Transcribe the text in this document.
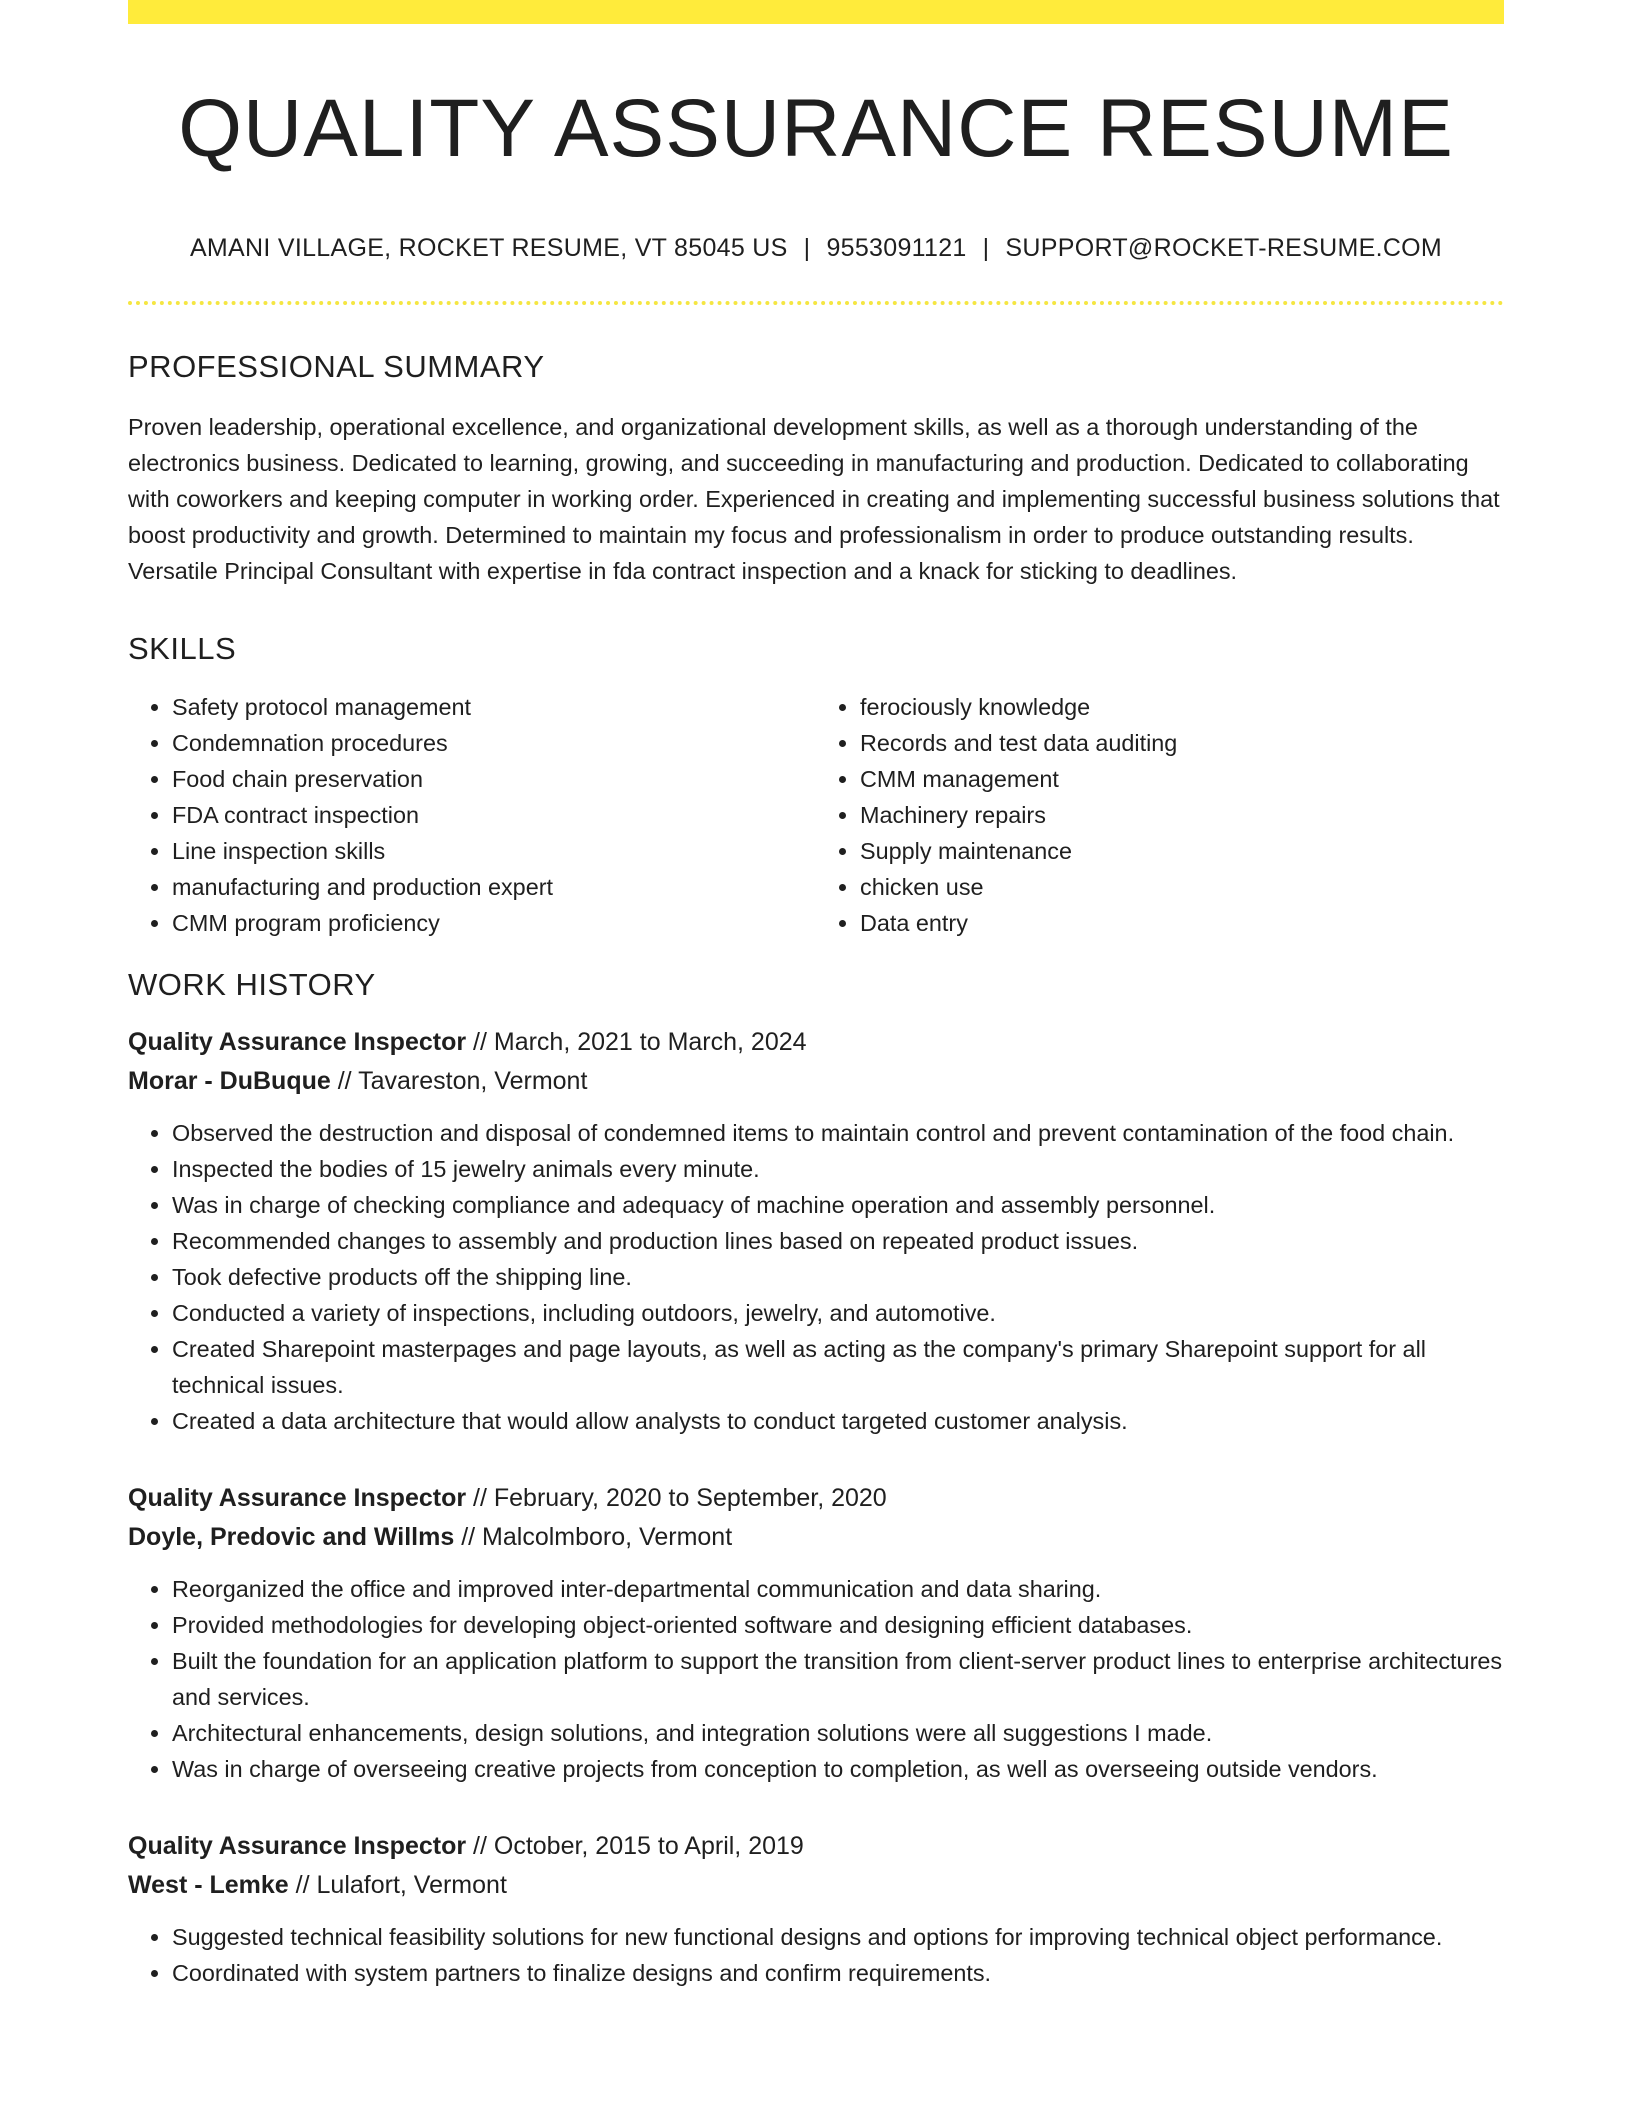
QUALITY ASSURANCE RESUME
AMANI VILLAGE, ROCKET RESUME, VT 85045 US | 9553091121 | SUPPORT@ROCKET-RESUME.COM
PROFESSIONAL SUMMARY

Proven leadership, operational excellence, and organizational development skills, as well as a thorough understanding of the electronics business. Dedicated to learning, growing, and succeeding in manufacturing and production. Dedicated to collaborating with coworkers and keeping computer in working order. Experienced in creating and implementing successful business solutions that boost productivity and growth. Determined to maintain my focus and professionalism in order to produce outstanding results. Versatile Principal Consultant with expertise in fda contract inspection and a knack for sticking to deadlines.

SKILLS
• Safety protocol management
• Condemnation procedures
• Food chain preservation
• FDA contract inspection
• Line inspection skills
• manufacturing and production expert
• CMM program proficiency
• ferociously knowledge
• Records and test data auditing
• CMM management
• Machinery repairs
• Supply maintenance
• chicken use
• Data entry
WORK HISTORY
Quality Assurance Inspector // March, 2021 to March, 2024
Morar - DuBuque // Tavareston, Vermont
• Observed the destruction and disposal of condemned items to maintain control and prevent contamination of the food chain.
• Inspected the bodies of 15 jewelry animals every minute.
• Was in charge of checking compliance and adequacy of machine operation and assembly personnel.
• Recommended changes to assembly and production lines based on repeated product issues.
• Took defective products off the shipping line.
• Conducted a variety of inspections, including outdoors, jewelry, and automotive.
• Created Sharepoint masterpages and page layouts, as well as acting as the company's primary Sharepoint support for all technical issues.
• Created a data architecture that would allow analysts to conduct targeted customer analysis.
Quality Assurance Inspector // February, 2020 to September, 2020
Doyle, Predovic and Willms // Malcolmboro, Vermont
• Reorganized the office and improved inter-departmental communication and data sharing.
• Provided methodologies for developing object-oriented software and designing efficient databases.
• Built the foundation for an application platform to support the transition from client-server product lines to enterprise architectures and services.
• Architectural enhancements, design solutions, and integration solutions were all suggestions I made.
• Was in charge of overseeing creative projects from conception to completion, as well as overseeing outside vendors.
Quality Assurance Inspector // October, 2015 to April, 2019
West - Lemke // Lulafort, Vermont
• Suggested technical feasibility solutions for new functional designs and options for improving technical object performance.
• Coordinated with system partners to finalize designs and confirm requirements.
